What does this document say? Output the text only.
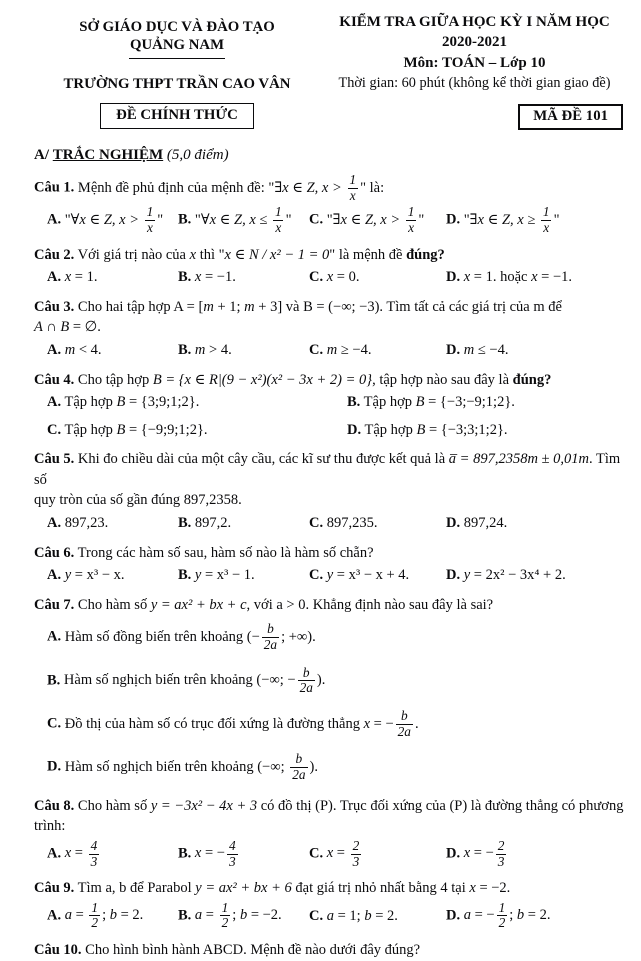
SỞ GIÁO DỤC VÀ ĐÀO TẠO
QUẢNG NAM
TRƯỜNG THPT TRẦN CAO VÂN
ĐỀ CHÍNH THỨC
KIỂM TRA GIỮA HỌC KỲ I NĂM HỌC 2020-2021
Môn: TOÁN – Lớp 10
Thời gian: 60 phút (không kể thời gian giao đề)
MÃ ĐỀ 101
A/ TRẮC NGHIỆM (5,0 điểm)
Câu 1. Mệnh đề phủ định của mệnh đề: "∃x ∈ Z, $x > \frac{1}{x}$ " là:
A. "∀x ∈ Z, $x > \frac{1}{x}$ "	B. "∀x ∈ Z, $x \le \frac{1}{x}$ "	C. "∃x ∈ Z, $x > \frac{1}{x}$ "	D. "∃x ∈ Z, $x \ge \frac{1}{x}$ "
Câu 2. Với giá trị nào của x thì "x ∈ N / x² − 1 = 0" là mệnh đề đúng?
A. x = 1.	B. x = −1.	C. x = 0.	D. x = 1. hoặc x = −1.
Câu 3. Cho hai tập hợp A = [m + 1; m + 3] và B = (−∞; −3). Tìm tất cả các giá trị của m để
A ∩ B = ∅.
A. m < 4.	B. m > 4.	C. m ≥ −4.	D. m ≤ −4.
Câu 4. Cho tập hợp B = {x ∈ R|(9 − x²)(x² − 3x + 2) = 0}, tập hợp nào sau đây là đúng?
A. Tập hợp B = {3;9;1;2}.	B. Tập hợp B = {−3;−9;1;2}.
C. Tập hợp B = {−9;9;1;2}.	D. Tập hợp B = {−3;3;1;2}.
Câu 5. Khi đo chiều dài của một cây cầu, các kĩ sư thu được kết quả là a̅ = 897,2358m ± 0,01m. Tìm số
quy tròn của số gần đúng 897,2358.
A. 897,23.	B. 897,2.	C. 897,235.	D. 897,24.
Câu 6. Trong các hàm số sau, hàm số nào là hàm số chẵn?
A. y = x³ − x.	B. y = x³ − 1.	C. y = x³ − x + 4.	D. y = 2x² − 3x⁴ + 2.
Câu 7. Cho hàm số y = ax² + bx + c, với a > 0. Khẳng định nào sau đây là sai?
A. Hàm số đồng biến trên khoảng (− $\frac{b}{2a}$ ; +∞).
B. Hàm số nghịch biến trên khoảng (−∞; − $\frac{b}{2a}$ ).
C. Đồ thị của hàm số có trục đối xứng là đường thẳng x = − $\frac{b}{2a}$ .
D. Hàm số nghịch biến trên khoảng (−∞; $\frac{b}{2a}$ ).
Câu 8. Cho hàm số y = −3x² − 4x + 3 có đồ thị (P). Trục đối xứng của (P) là đường thẳng có phương trình:
A. $x = \frac{4}{3}$	B. x = − $\frac{4}{3}$	C. $x = \frac{2}{3}$	D. x = − $\frac{2}{3}$
Câu 9. Tìm a, b để Parabol y = ax² + bx + 6 đạt giá trị nhỏ nhất bằng 4 tại x = −2.
A. $a = \frac{1}{2}$ ; b = 2.	B. $a = \frac{1}{2}$ ; b = −2.	C. a = 1; b = 2.	D. a = − $\frac{1}{2}$ ; b = 2.
Câu 10. Cho hình bình hành ABCD. Mệnh đề nào dưới đây đúng?
